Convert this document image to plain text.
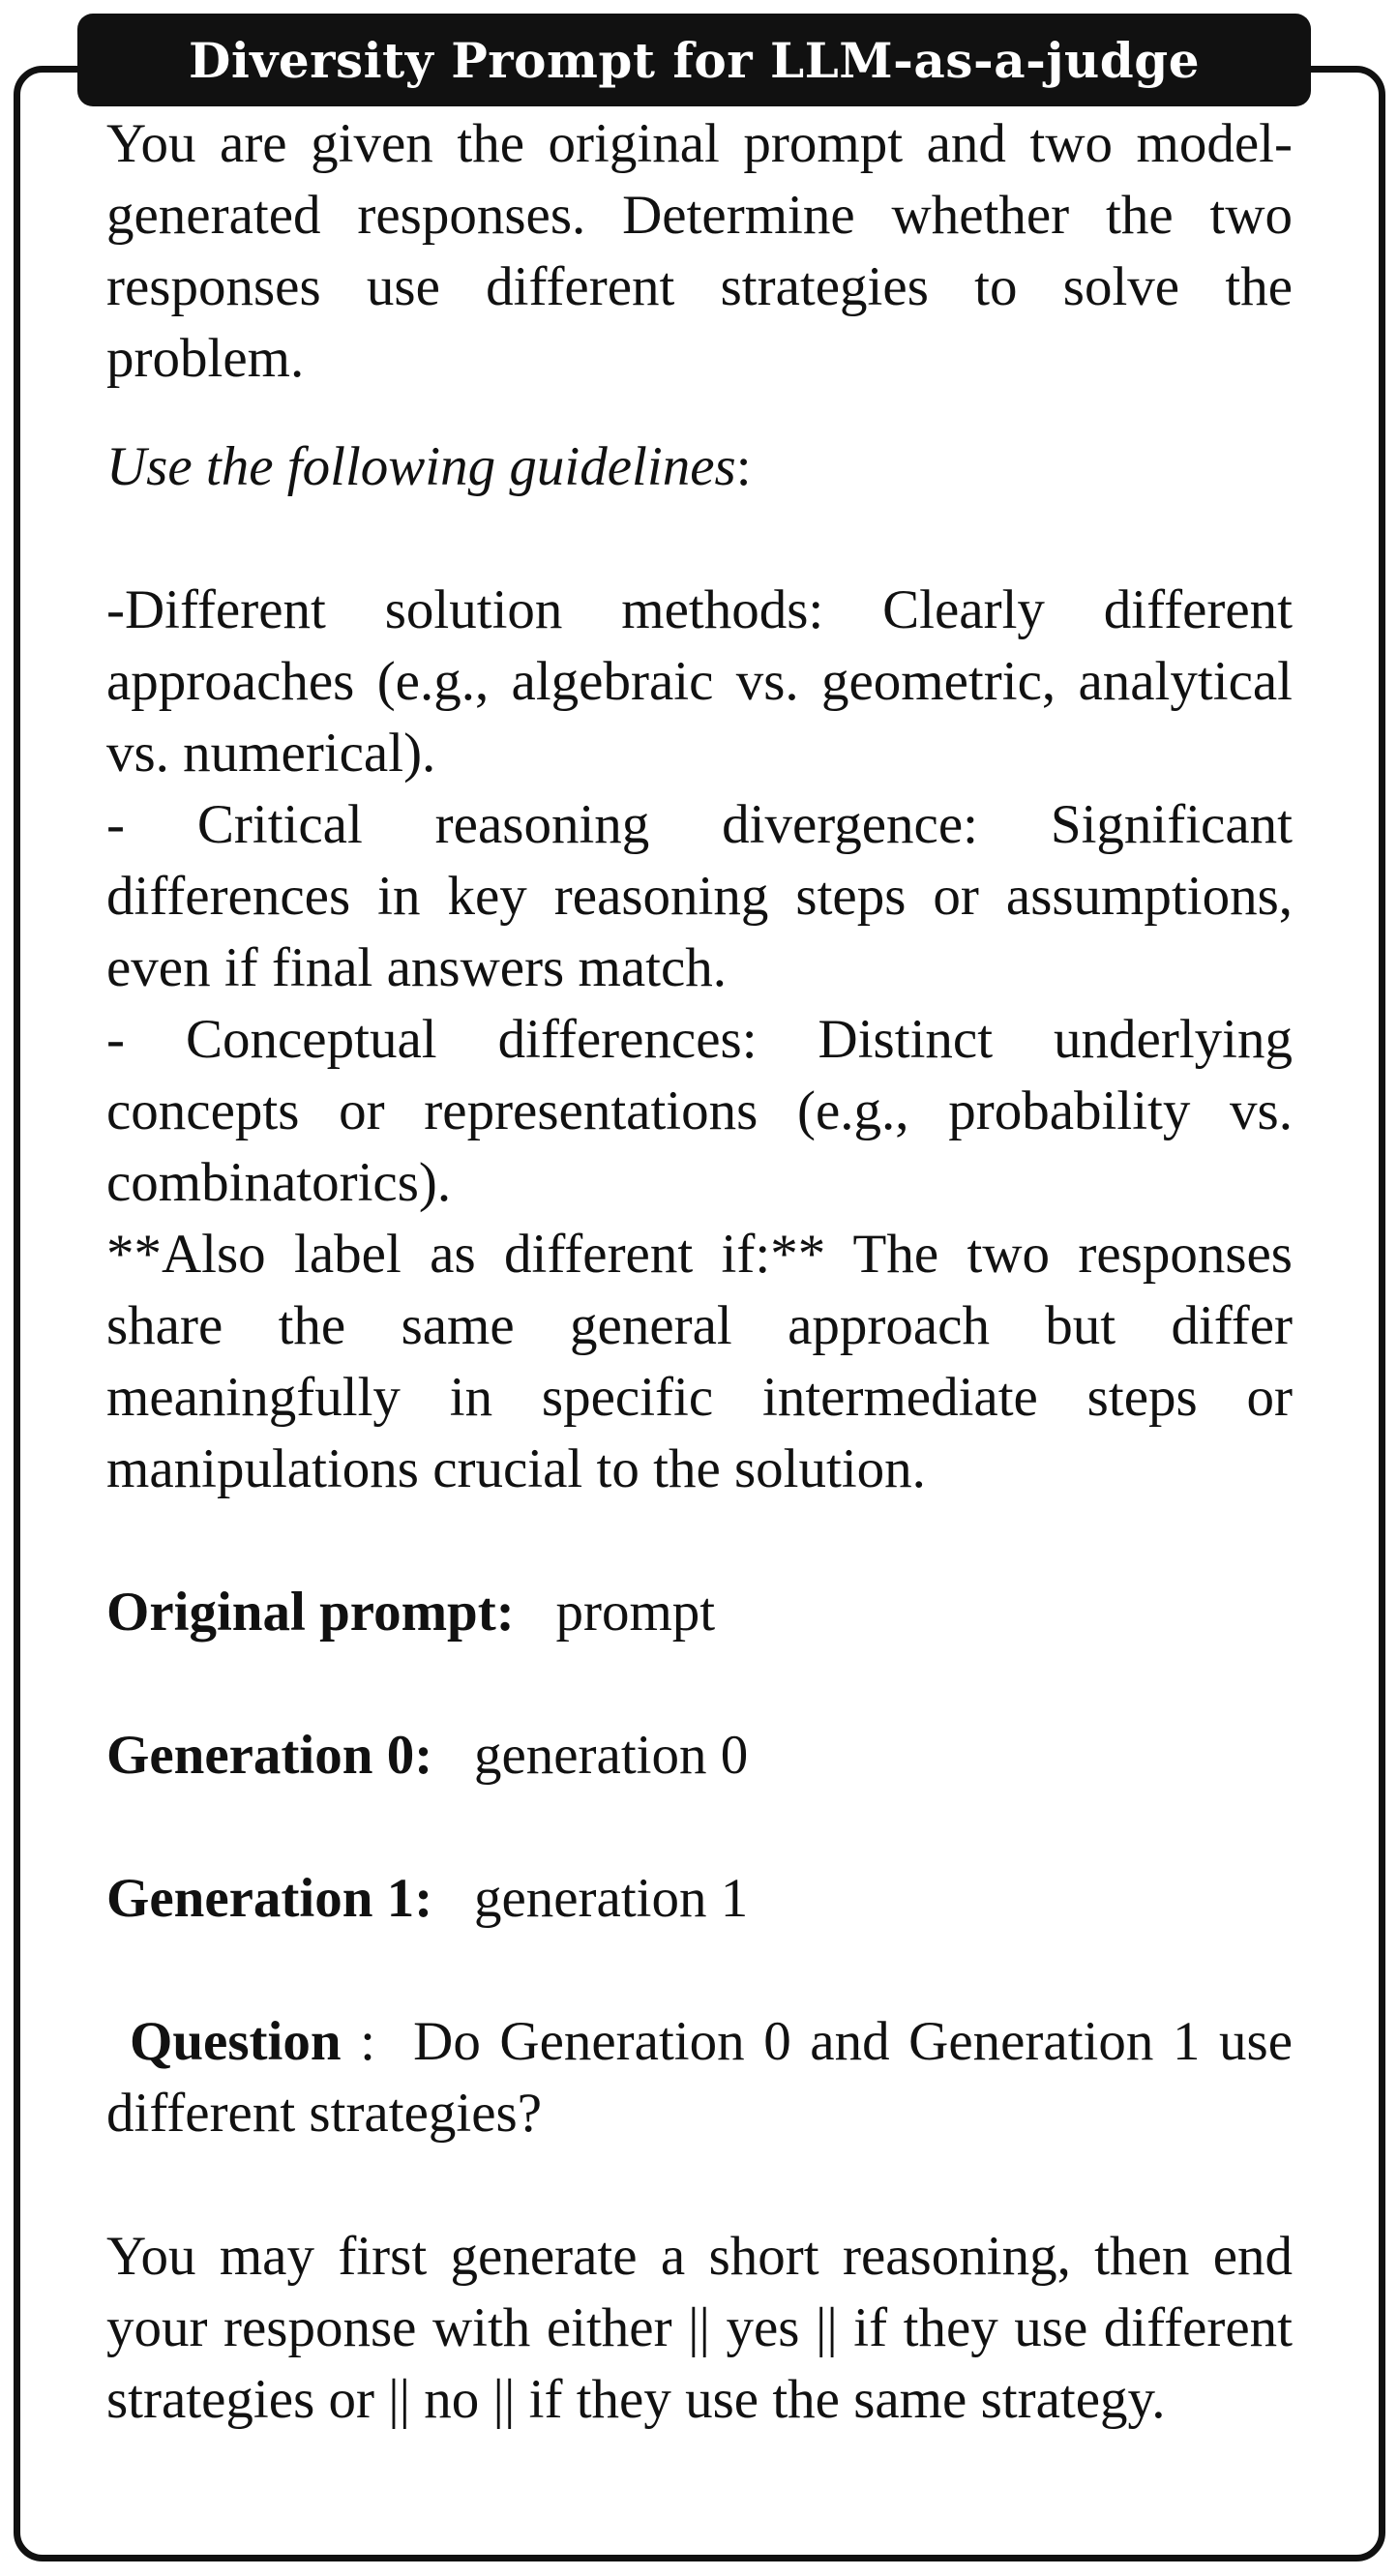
Diversity Prompt for LLM-as-a-judge

You are given the original prompt and two model-generated responses. Determine whether the two responses use different strategies to solve the problem.

Use the following guidelines:

-Different solution methods: Clearly different approaches (e.g., algebraic vs. geometric, analytical vs. numerical).

- Critical reasoning divergence: Significant differences in key reasoning steps or assumptions, even if final answers match.

- Conceptual differences: Distinct underlying concepts or representations (e.g., probability vs. combinatorics).

**Also label as different if:** The two responses share the same general approach but differ meaningfully in specific intermediate steps or manipulations crucial to the solution.

Original prompt: prompt

Generation 0: generation 0

Generation 1: generation 1

Question : Do Generation 0 and Generation 1 use different strategies?

You may first generate a short reasoning, then end your response with either || yes || if they use different strategies or || no || if they use the same strategy.
